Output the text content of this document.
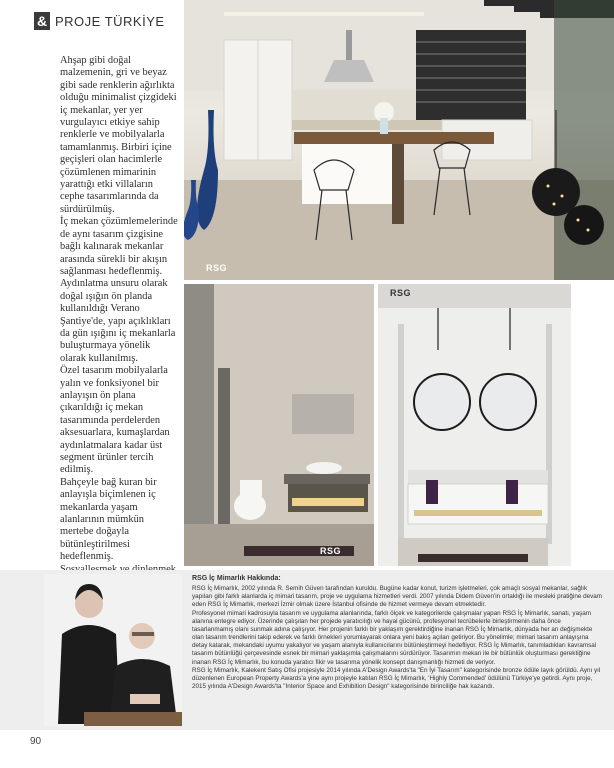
& PROJE TÜRKİYE

Ahşap gibi doğal malzemenin, gri ve beyaz gibi sade renklerin ağırlıkta olduğu minimalist çizgideki iç mekanlar, yer yer vurgulayıcı etkiye sahip renklerle ve mobilyalarla tamamlanmış. Birbiri içine geçişleri olan hacimlerle çözümlenen mimarinin yarattığı etki villaların cephe tasarımlarında da sürdürülmüş.

İç mekan çözümlemelerinde de aynı tasarım çizgisine bağlı kalınarak mekanlar arasında sürekli bir akışın sağlanması hedeflenmiş.

Aydınlatma unsuru olarak doğal ışığın ön planda kullanıldığı Verano Şantiye'de, yapı açıklıkları da gün ışığını iç mekanlarla buluşturmaya yönelik olarak kullanılmış.

Özel tasarım mobilyalarla yalın ve fonksiyonel bir anlayışın ön plana çıkarıldığı iç mekan tasarımında perdelerden aksesuarlara, kumaşlardan aydınlatmalara kadar üst segment ürünler tercih edilmiş.

Bahçeyle bağ kuran bir anlayışla biçimlenen iç mekanlarda yaşam alanlarının mümkün mertebe doğayla bütünleştirilmesi hedeflenmiş.

RSG
RSG
RSG
RSG İç Mimarlık Hakkında:

RSG İç Mimarlık, 2002 yılında R. Semih Güven tarafından kuruldu. Bugüne kadar konut, turizm işletmeleri, çok amaçlı sosyal mekanlar, sağlık yapıları gibi farklı alanlarda iç mimari tasarım, proje ve uygulama hizmetleri verdi. 2007 yılında Didem Güven'in ortaklığı ile mesleki pratiğine devam eden RSG İç Mimarlık, merkezi İzmir olmak üzere İstanbul ofisinde de hizmet vermeye devam etmektedir.

Profesyonel mimari kadrosuyla tasarım ve uygulama alanlarında, farklı ölçek ve kategorilerde çalışmalar yapan RSG İç Mimarlık, sanatı, yaşam alanına entegre ediyor. Üzerinde çalışılan her projede yaratıcılığı ve hayal gücünü, profesyonel tecrübelerle birleştirmenin daha önce tasarlanmamış olanı sunmak adına çalışıyor. Her projenin farklı bir yaklaşım gerektirdiğine inanan RSG İç Mimarlık, dünyada her an değişmekte olan tasarım trendlerini takip ederek ve farklı örnekleri yorumlayarak onlara yeni bakış açıları getiriyor. Bu yönelimle; mimari tasarım anlayışına detay katarak, mekandaki uyumu yakalıyor ve yaşam alanıyla kullanıcılarını bütünleştirmeyi hedefliyor. RSG İç Mimarlık, tanımladıkları kavramsal tasarım bütünlüğü çerçevesinde esnek bir mimari yaklaşımla çalışmalarını sürdürüyor. Tasarımın mekan ile bir bütünlük oluşturması gerektiğine inanan RSG İç Mimarlık, bu konuda yaratıcı fikir ve tasarıma yönelik konsept danışmanlığı hizmeti de veriyor.

RSG İç Mimarlık, Kalekent Satış Ofisi projesiyle 2014 yılında A'Design Awards'ta "En İyi Tasarım" kategorisinde bronze ödüle layık görüldü. Aynı yıl düzenlenen European Property Awards'a yine aynı projeyle katılan RSG İç Mimarlık, 'Highly Commended' ödülünü Türkiye'ye getirdi. Aynı proje, 2015 yılında A'Design Awards'ta "Interior Space and Exhibition Design" kategorisinde birinciliğe hak kazandı.

90
